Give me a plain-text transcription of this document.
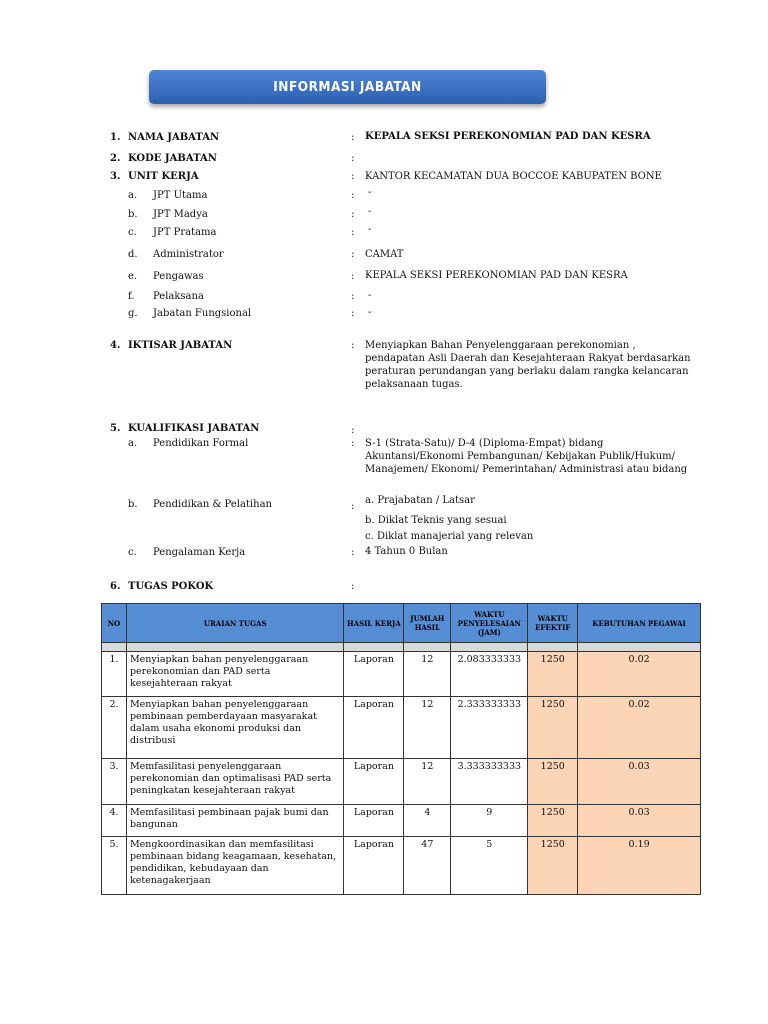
INFORMASI JABATAN
1. NAMA JABATAN	: KEPALA SEKSI PEREKONOMIAN PAD DAN KESRA
2. KODE JABATAN	:
3. UNIT KERJA	: KANTOR KECAMATAN DUA BOCCOE KABUPATEN BONE
a. JPT Utama	: -
b. JPT Madya	: -
c. JPT Pratama	: -
d. Administrator	: CAMAT
e. Pengawas	: KEPALA SEKSI PEREKONOMIAN PAD DAN KESRA
f. Pelaksana	: -
g. Jabatan Fungsional	: -
4. IKTISAR JABATAN	: Menyiapkan Bahan Penyelenggaraan perekonomian , pendapatan Asli Daerah dan Kesejahteraan Rakyat berdasarkan peraturan perundangan yang berlaku dalam rangka kelancaran pelaksanaan tugas.
5. KUALIFIKASI JABATAN	:
a. Pendidikan Formal	: S-1 (Strata-Satu)/ D-4 (Diploma-Empat) bidang Akuntansi/Ekonomi Pembangunan/ Kebijakan Publik/Hukum/ Manajemen/ Ekonomi/ Pemerintahan/ Administrasi atau bidang
b. Pendidikan & Pelatihan	:
a. Prajabatan / Latsar
b. Diklat Teknis yang sesuai
c. Diklat manajerial yang relevan
c. Pengalaman Kerja	: 4 Tahun 0 Bulan
6. TUGAS POKOK	:
NO	URAIAN TUGAS	HASIL KERJA	JUMLAH HASIL	WAKTU PENYELESAIAN (JAM)	WAKTU EFEKTIF	KEBUTUHAN PEGAWAI

1.	Menyiapkan bahan penyelenggaraan perekonomian dan PAD serta kesejahteraan rakyat	Laporan	12	2.083333333	1250	0.02
2.	Menyiapkan bahan penyelenggaraan pembinaan pemberdayaan masyarakat dalam usaha ekonomi produksi dan distribusi	Laporan	12	2.333333333	1250	0.02
3.	Memfasilitasi penyelenggaraan perekonomian dan optimalisasi PAD serta peningkatan kesejahteraan rakyat	Laporan	12	3.333333333	1250	0.03
4.	Memfasilitasi pembinaan pajak bumi dan bangunan	Laporan	4	9	1250	0.03
5.	Mengkoordinasikan dan memfasilitasi pembinaan bidang keagamaan, kesehatan, pendidikan, kebudayaan dan ketenagakerjaan	Laporan	47	5	1250	0.19
